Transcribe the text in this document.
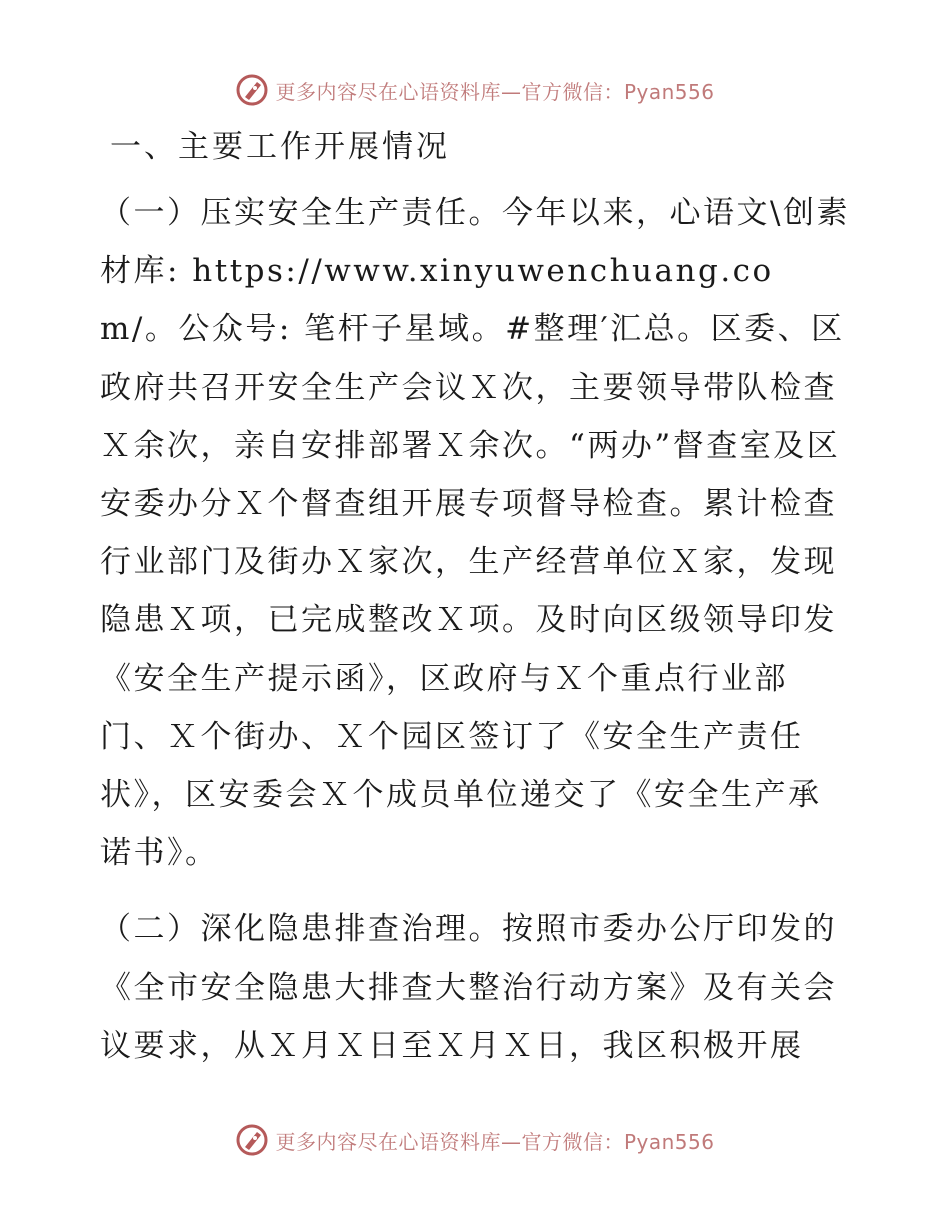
更多内容尽在心语资料库—官方微信：Pyan556
一、主要工作开展情况

（一）压实安全生产责任。今年以来，心语文\创素材库: https://www.xinyuwenchuang.com/。公众号: 笔杆子星域。#整理′汇总。区委、区政府共召开安全生产会议Ｘ次，主要领导带队检查Ｘ余次，亲自安排部署Ｘ余次。“两办”督查室及区安委办分Ｘ个督查组开展专项督导检查。累计检查行业部门及街办Ｘ家次，生产经营单位Ｘ家，发现隐患Ｘ项，已完成整改Ｘ项。及时向区级领导印发《安全生产提示函》，区政府与Ｘ个重点行业部门、Ｘ个街办、Ｘ个园区签订了《安全生产责任状》，区安委会Ｘ个成员单位递交了《安全生产承诺书》。

（二）深化隐患排查治理。按照市委办公厅印发的《全市安全隐患大排查大整治行动方案》及有关会议要求，从Ｘ月Ｘ日至Ｘ月Ｘ日，我区积极开展

更多内容尽在心语资料库—官方微信：Pyan556
